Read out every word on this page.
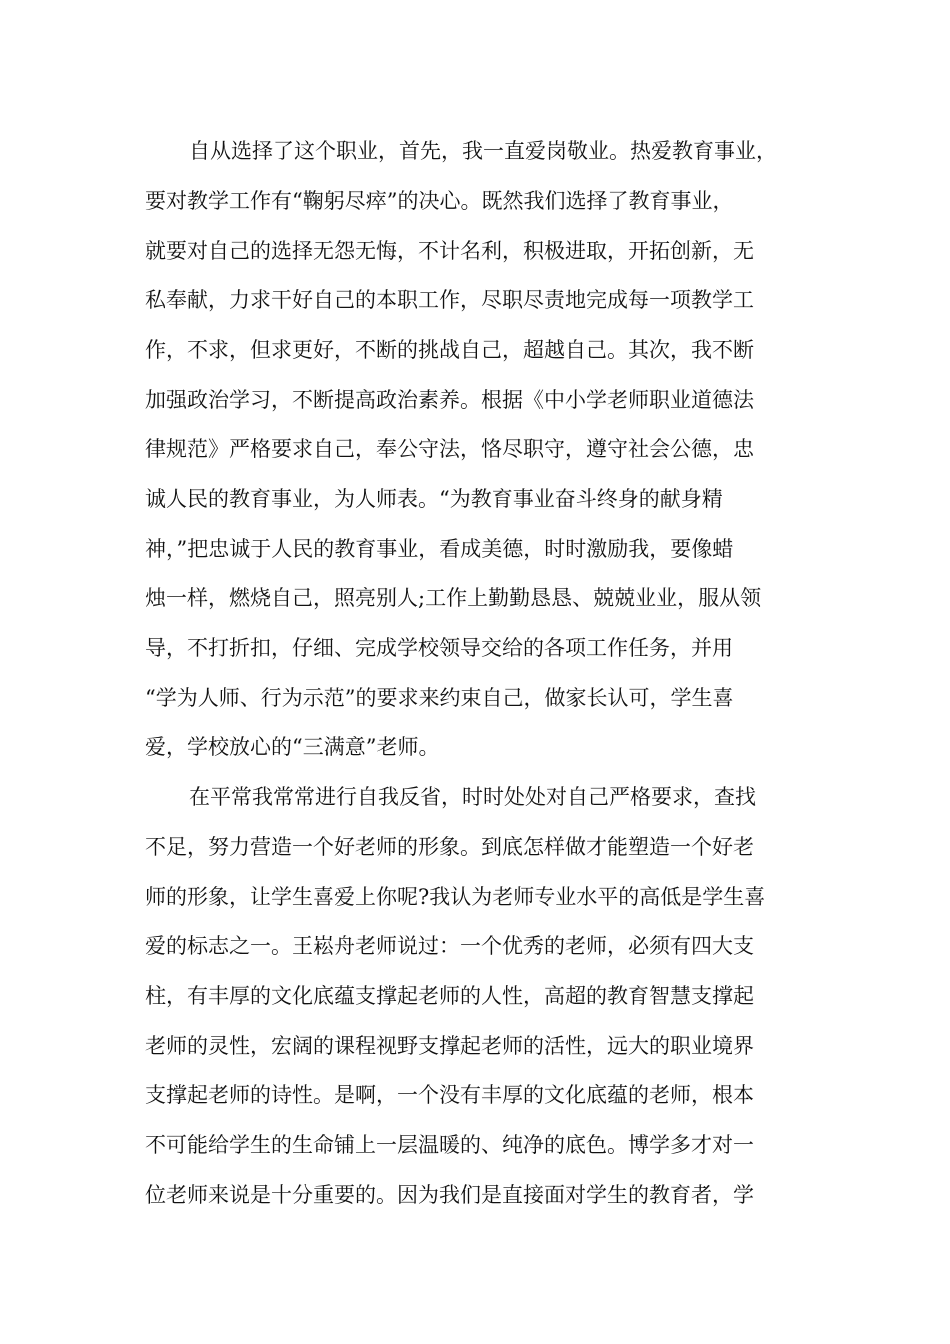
自从选择了这个职业，首先，我一直爱岗敬业。热爱教育事业，
要对教学工作有“鞠躬尽瘁”的决心。既然我们选择了教育事业，
就要对自己的选择无怨无悔，不计名利，积极进取，开拓创新，无
私奉献，力求干好自己的本职工作，尽职尽责地完成每一项教学工
作，不求，但求更好，不断的挑战自己，超越自己。其次，我不断
加强政治学习，不断提高政治素养。根据《中小学老师职业道德法
律规范》严格要求自己，奉公守法，恪尽职守，遵守社会公德，忠
诚人民的教育事业，为人师表。“为教育事业奋斗终身的献身精
神，”把忠诚于人民的教育事业，看成美德，时时激励我，要像蜡
烛一样，燃烧自己，照亮别人;工作上勤勤恳恳、兢兢业业，服从领
导，不打折扣，仔细、完成学校领导交给的各项工作任务，并用
“学为人师、行为示范”的要求来约束自己，做家长认可，学生喜
爱，学校放心的“三满意”老师。
在平常我常常进行自我反省，时时处处对自己严格要求，查找
不足，努力营造一个好老师的形象。到底怎样做才能塑造一个好老
师的形象，让学生喜爱上你呢?我认为老师专业水平的高低是学生喜
爱的标志之一。王崧舟老师说过：一个优秀的老师，必须有四大支
柱，有丰厚的文化底蕴支撑起老师的人性，高超的教育智慧支撑起
老师的灵性，宏阔的课程视野支撑起老师的活性，远大的职业境界
支撑起老师的诗性。是啊，一个没有丰厚的文化底蕴的老师，根本
不可能给学生的生命铺上一层温暖的、纯净的底色。博学多才对一
位老师来说是十分重要的。因为我们是直接面对学生的教育者，学
